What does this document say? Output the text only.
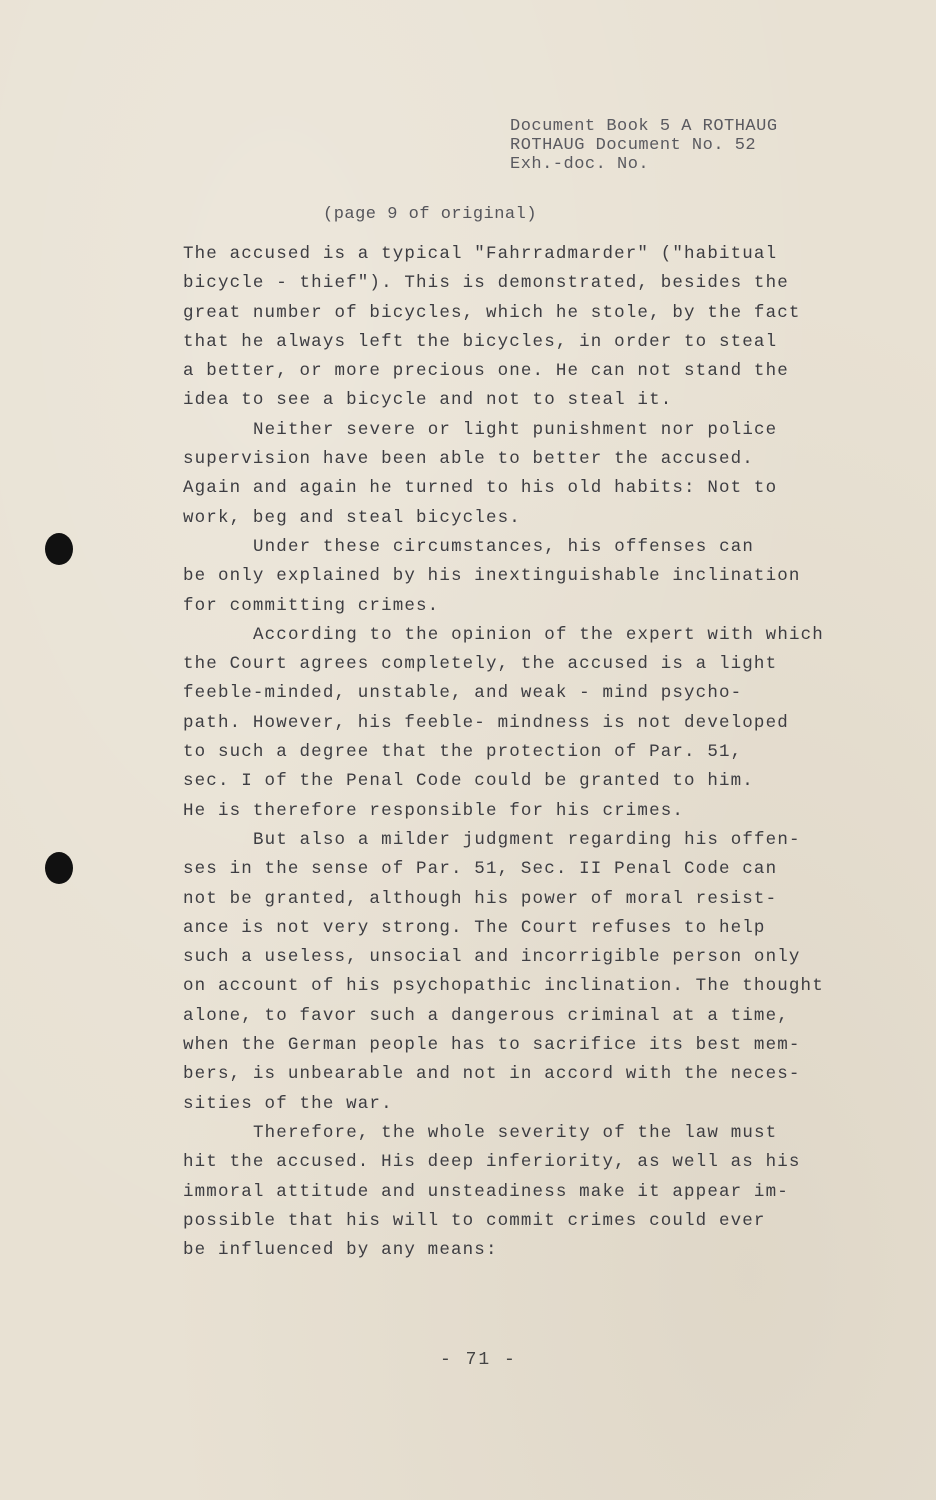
Document Book 5 A ROTHAUG
ROTHAUG Document No. 52
Exh.-doc. No.
(page 9 of original)
The accused is a typical "Fahrradmarder" ("habitual
bicycle - thief"). This is demonstrated, besides the
great number of bicycles, which he stole, by the fact
that he always left the bicycles, in order to steal
a better, or more precious one. He can not stand the
idea to see a bicycle and not to steal it.
Neither severe or light punishment nor police
supervision have been able to better the accused.
Again and again he turned to his old habits: Not to
work, beg and steal bicycles.
Under these circumstances, his offenses can
be only explained by his inextinguishable inclination
for committing crimes.
According to the opinion of the expert with which
the Court agrees completely, the accused is a light
feeble-minded, unstable, and weak - mind psycho-
path. However, his feeble- mindness is not developed
to such a degree that the protection of Par. 51,
sec. I of the Penal Code could be granted to him.
He is therefore responsible for his crimes.
But also a milder judgment regarding his offen-
ses in the sense of Par. 51, Sec. II Penal Code can
not be granted, although his power of moral resist-
ance is not very strong. The Court refuses to help
such a useless, unsocial and incorrigible person only
on account of his psychopathic inclination. The thought
alone, to favor such a dangerous criminal at a time,
when the German people has to sacrifice its best mem-
bers, is unbearable and not in accord with the neces-
sities of the war.
Therefore, the whole severity of the law must
hit the accused. His deep inferiority, as well as his
immoral attitude and unsteadiness make it appear im-
possible that his will to commit crimes could ever
be influenced by any means:
- 71 -
